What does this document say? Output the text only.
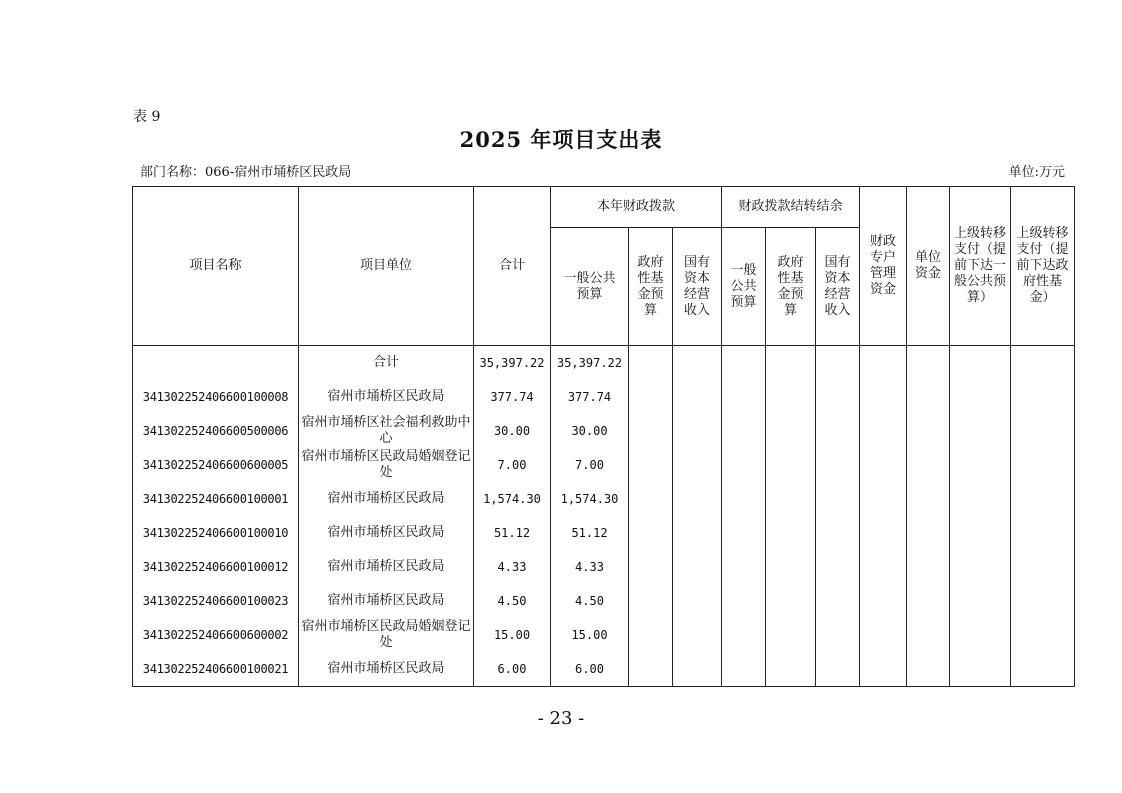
表 9
2025 年项目支出表
部门名称：066-宿州市埇桥区民政局	单位:万元
项目名称	项目单位	合计	本年财政拨款			财政拨款结转结余			财政专户管理资金	单位资金	上级转移支付（提前下达一般公共预算）	上级转移支付（提前下达政府性基金）

			一般公共预算	政府性基金预算	国有资本经营收入	一般公共预算	政府性基金预算	国有资本经营收入				

	合计	35,397.22	35,397.22									
341302252406600100008	宿州市埇桥区民政局	377.74	377.74									
341302252406600500006	宿州市埇桥区社会福利救助中心	30.00	30.00									
341302252406600600005	宿州市埇桥区民政局婚姻登记处	7.00	7.00									
341302252406600100001	宿州市埇桥区民政局	1,574.30	1,574.30									
341302252406600100010	宿州市埇桥区民政局	51.12	51.12									
341302252406600100012	宿州市埇桥区民政局	4.33	4.33									
341302252406600100023	宿州市埇桥区民政局	4.50	4.50									
341302252406600600002	宿州市埇桥区民政局婚姻登记处	15.00	15.00									
341302252406600100021	宿州市埇桥区民政局	6.00	6.00									
- 23 -
